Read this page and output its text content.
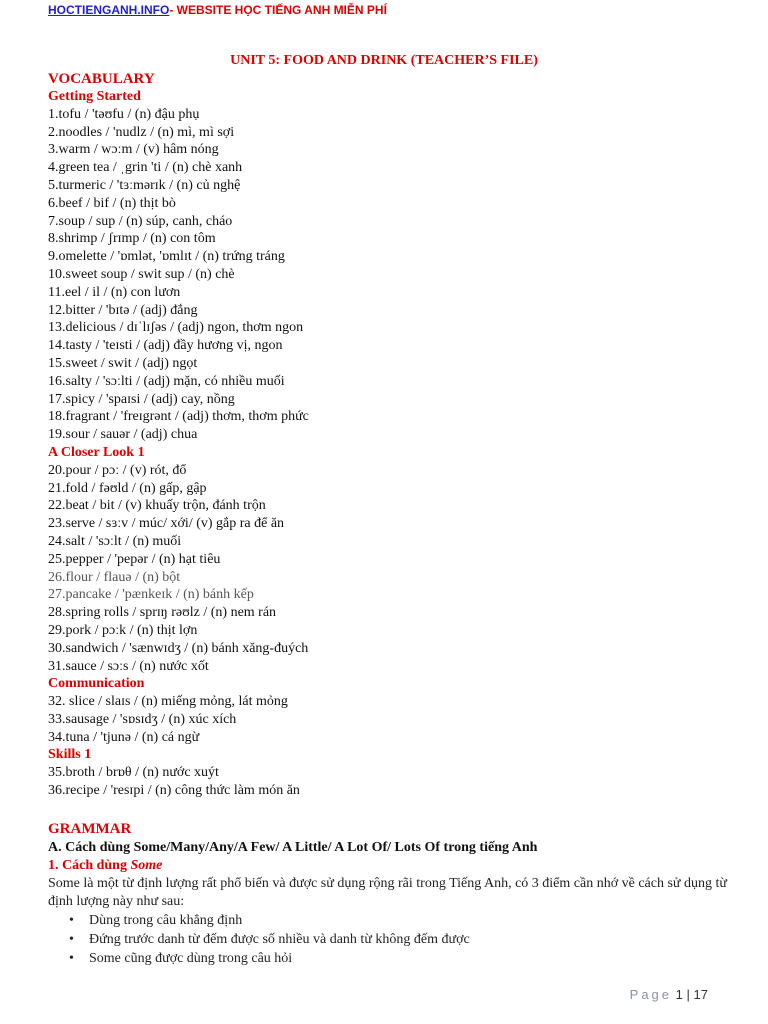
HOCTIENGANH.INFO- WEBSITE HỌC TIẾNG ANH MIỄN PHÍ
UNIT 5: FOOD AND DRINK (TEACHER’S FILE)
VOCABULARY
Getting Started
1.tofu / 'təʊfu / (n) đậu phụ
2.noodles / 'nudlz / (n) mì, mì sợi
3.warm / wɔːm / (v) hâm nóng
4.green tea / ˌgrin 'ti / (n) chè xanh
5.turmeric / 'tɜːmərɪk / (n) củ nghệ
6.beef / bif / (n) thịt bò
7.soup / sup / (n) súp, canh, cháo
8.shrimp / ʃrɪmp / (n) con tôm
9.omelette / 'ɒmlət, 'ɒmlɪt / (n) trứng tráng
10.sweet soup / swit sup / (n) chè
11.eel / il / (n) con lươn
12.bitter / 'bɪtə / (adj) đắng
13.delicious / dɪˈlɪʃəs / (adj) ngon, thơm ngon
14.tasty / 'teɪsti / (adj) đầy hương vị, ngon
15.sweet / swit / (adj) ngọt
16.salty / 'sɔːlti / (adj) mặn, có nhiều muối
17.spicy / 'spaɪsi / (adj) cay, nồng
18.fragrant / 'freɪgrənt / (adj) thơm, thơm phức
19.sour / sauər / (adj) chua
A Closer Look 1
20.pour / pɔː / (v) rót, đổ
21.fold / fəʊld / (n) gấp, gập
22.beat / bit / (v) khuấy trộn, đánh trộn
23.serve / sɜːv / múc/ xới/ (v) gắp ra để ăn
24.salt / 'sɔːlt / (n) muối
25.pepper / 'pepər / (n) hạt tiêu
26.flour / flauə / (n) bột
27.pancake / 'pænkeɪk / (n) bánh kếp
28.spring rolls / sprɪŋ rəʊlz / (n) nem rán
29.pork / pɔːk / (n) thịt lợn
30.sandwich / 'sænwɪdʒ / (n) bánh xăng-đuých
31.sauce / sɔːs / (n) nước xốt
Communication
32. slice / slaɪs / (n) miếng mỏng, lát mỏng
33.sausage / 'sɒsɪdʒ / (n) xúc xích
34.tuna / 'tjunə / (n) cá ngừ
Skills 1
35.broth / brɒθ / (n) nước xuýt
36.recipe / 'resɪpi / (n) công thức làm món ăn
GRAMMAR
A. Cách dùng Some/Many/Any/A Few/ A Little/ A Lot Of/ Lots Of trong tiếng Anh
1. Cách dùng Some
Some là một từ định lượng rất phổ biến và được sử dụng rộng rãi trong Tiếng Anh, có 3 điểm cần nhớ về cách sử dụng từ định lượng này như sau:
• Dùng trong câu khẳng định
• Đứng trước danh từ đếm được số nhiều và danh từ không đếm được
• Some cũng được dùng trong câu hỏi
Page 1 | 17
